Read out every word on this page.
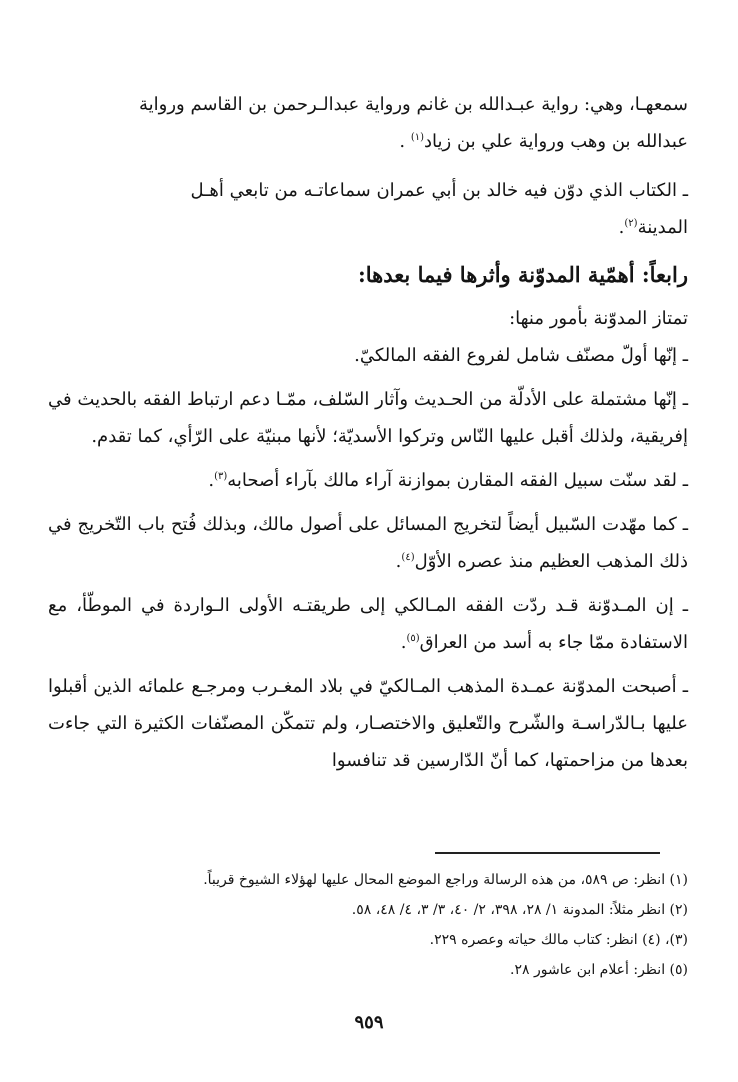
سمعهـا، وهي: رواية عبـدالله بن غانم ورواية عبدالـرحمن بن القاسم ورواية
عبدالله بن وهب ورواية علي بن زياد$^{(١)}$ .

ـ الكتاب الذي دوّن فيه خالد بن أبي عمران سماعاتـه من تابعي أهـل
المدينة$^{(٢)}$.

رابعاً: أهمّية المدوّنة وأثرها فيما بعدها:

تمتاز المدوّنة بأمور منها:

ـ إنّها أولّ مصنّف شامل لفروع الفقه المالكيّ.

ـ إنّها مشتملة على الأدلّة من الحـديث وآثار السّلف، ممّـا دعم ارتباط الفقه بالحديث في إفريقية، ولذلك أقبل عليها النّاس وتركوا الأسديّة؛ لأنها مبنيّة على الرّأي، كما تقدم.

ـ لقد سنّت سبيل الفقه المقارن بموازنة آراء مالك بآراء أصحابه$^{(٣)}$.

ـ كما مهّدت السّبيل أيضاً لتخريج المسائل على أصول مالك، وبذلك فُتح باب التّخريج في ذلك المذهب العظيم منذ عصره الأوّل$^{(٤)}$.

ـ إن المـدوّنة قـد ردّت الفقه المـالكي إلى طريقتـه الأولى الـواردة في الموطّأ، مع الاستفادة ممّا جاء به أسد من العراق$^{(٥)}$.

ـ أصبحت المدوّنة عمـدة المذهب المـالكيّ في بلاد المغـرب ومرجـع علمائه الذين أقبلوا عليها بـالدّراسـة والشّرح والتّعليق والاختصـار، ولم تتمكّن المصنّفات الكثيرة التي جاءت بعدها من مزاحمتها، كما أنّ الدّارسين قد تنافسوا

(١) انظر: ص ٥٨٩، من هذه الرسالة وراجع الموضع المحال عليها لهؤلاء الشيوخ قريباً.

(٢) انظر مثلاً: المدونة ١/ ٢٨، ٣٩٨، ٢/ ٤٠، ٣/ ٣، ٤/ ٤٨، ٥٨.

(٣)، (٤) انظر: كتاب مالك حياته وعصره ٢٢٩.

(٥) انظر: أعلام ابن عاشور ٢٨.

٩٥٩
